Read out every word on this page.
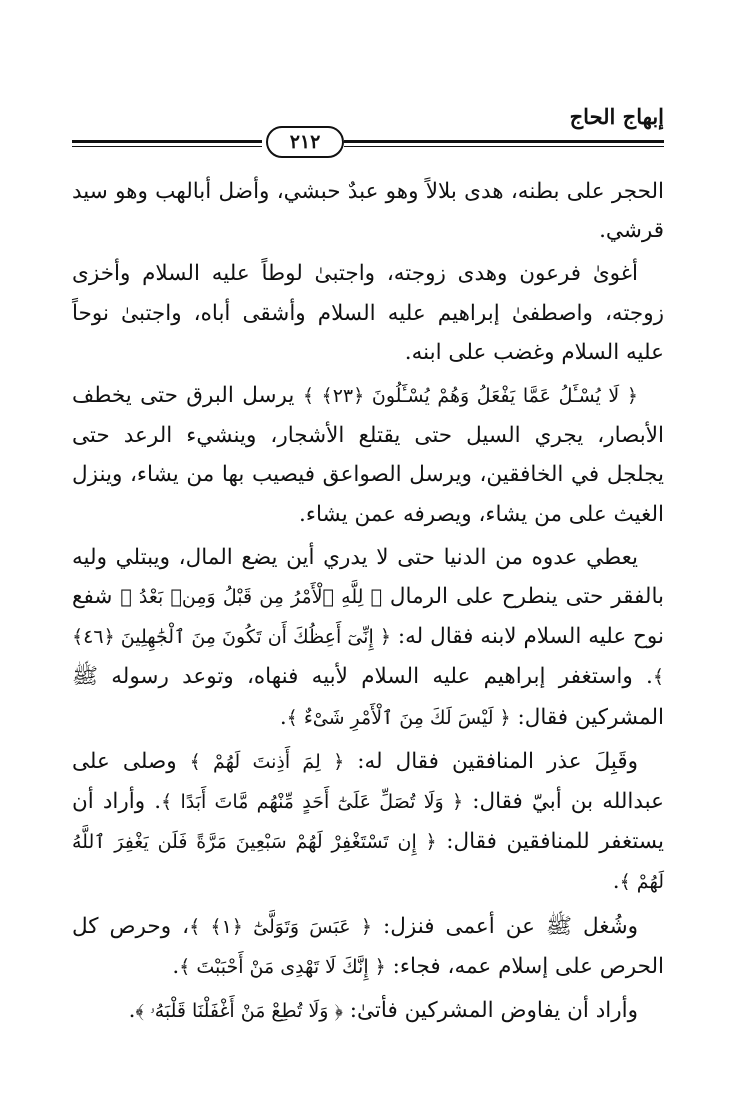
إبهاج الحاج
٢١٢

الحجر على بطنه، هدى بلالاً وهو عبدٌ حبشي، وأضل أبالهب وهو سيد قرشي.

أغوىٰ فرعون وهدى زوجته، واجتبىٰ لوطاً عليه السلام وأخزى زوجته، واصطفىٰ إبراهيم عليه السلام وأشقى أباه، واجتبىٰ نوحاً عليه السلام وغضب على ابنه.

﴿ لَا يُسْـَٔلُ عَمَّا يَفْعَلُ وَهُمْ يُسْـَٔلُونَ ﴿٢٣﴾ ﴾ يرسل البرق حتى يخطف الأبصار، يجري السيل حتى يقتلع الأشجار، وينشيء الرعد حتى يجلجل في الخافقين، ويرسل الصواعق فيصيب بها من يشاء، وينزل الغيث على من يشاء، ويصرفه عمن يشاء.

يعطي عدوه من الدنيا حتى لا يدري أين يضع المال، ويبتلي وليه بالفقر حتى ينطرح على الرمال ﴿ لِلَّهِ ٱلْأَمْرُ مِن قَبْلُ وَمِنۢ بَعْدُ ﴾ شفع نوح عليه السلام لابنه فقال له: ﴿ إِنِّىٓ أَعِظُكَ أَن تَكُونَ مِنَ ٱلْجَٰهِلِينَ ﴿٤٦﴾ ﴾. واستغفر إبراهيم عليه السلام لأبيه فنهاه، وتوعد رسوله ﷺ المشركين فقال: ﴿ لَيْسَ لَكَ مِنَ ٱلْأَمْرِ شَىْءٌ ﴾.

وقَبِلَ عذر المنافقين فقال له: ﴿ لِمَ أَذِنتَ لَهُمْ ﴾ وصلى على عبدالله بن أبيّ فقال: ﴿ وَلَا تُصَلِّ عَلَىٰٓ أَحَدٍ مِّنْهُم مَّاتَ أَبَدًا ﴾. وأراد أن يستغفر للمنافقين فقال: ﴿ إِن تَسْتَغْفِرْ لَهُمْ سَبْعِينَ مَرَّةً فَلَن يَغْفِرَ ٱللَّهُ لَهُمْ ﴾.

وشُغل ﷺ عن أعمى فنزل: ﴿ عَبَسَ وَتَوَلَّىٰٓ ﴿١﴾ ﴾، وحرص كل الحرص على إسلام عمه، فجاء: ﴿ إِنَّكَ لَا تَهْدِى مَنْ أَحْبَبْتَ ﴾.

وأراد أن يفاوض المشركين فأتىٰ: ﴿ وَلَا تُطِعْ مَنْ أَغْفَلْنَا قَلْبَهُۥ ﴾.
